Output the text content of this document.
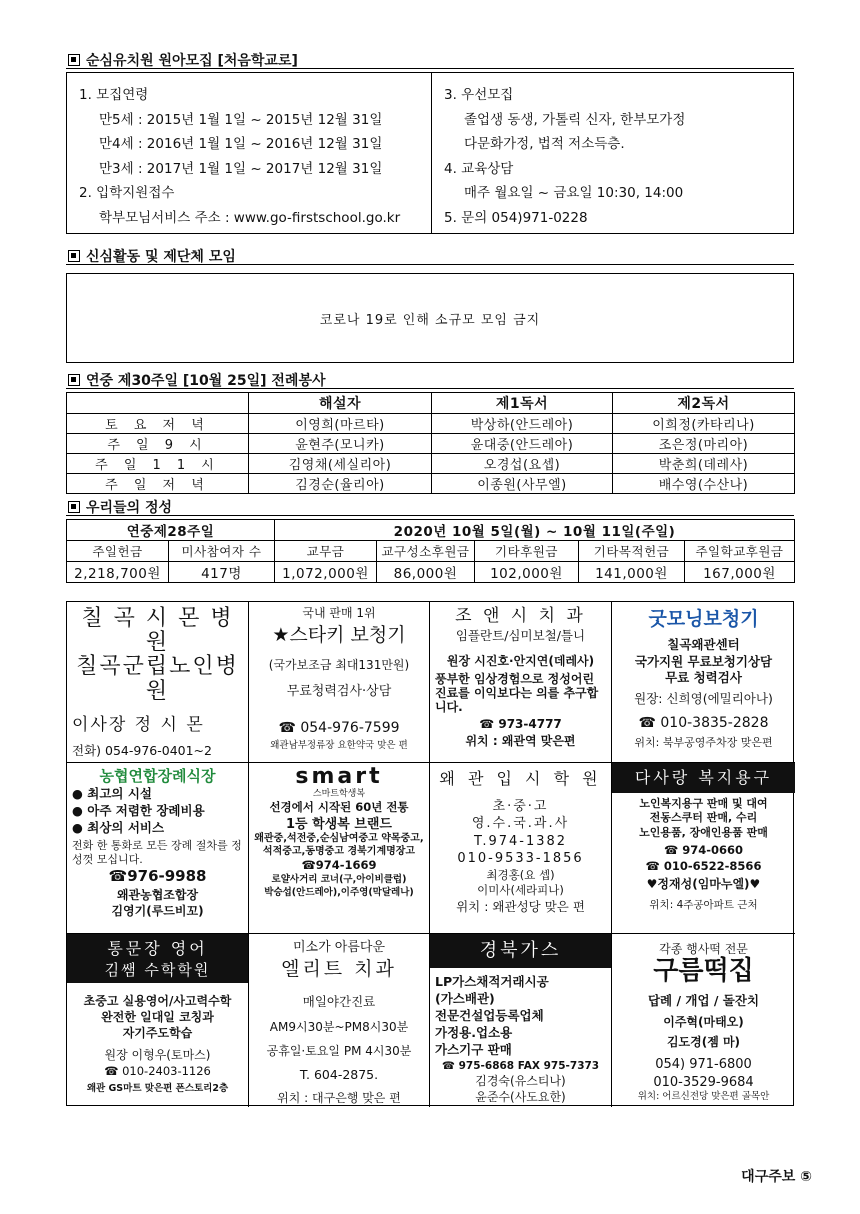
순심유치원 원아모집 [처음학교로]
1. 모집연령
만5세 : 2015년 1월 1일 ~ 2015년 12월 31일
만4세 : 2016년 1월 1일 ~ 2016년 12월 31일
만3세 : 2017년 1월 1일 ~ 2017년 12월 31일
2. 입학지원접수
학부모님서비스 주소 : www.go-firstschool.go.kr
3. 우선모집
졸업생 동생, 가톨릭 신자, 한부모가정
다문화가정, 법적 저소득층.
4. 교육상담
매주 월요일 ~ 금요일 10:30, 14:00
5. 문의 054)971-0228
신심활동 및 제단체 모임
코로나 19로 인해 소규모 모임 금지
연중 제30주일 [10월 25일] 전례봉사
	해설자	제1독서	제2독서
토 요 저 녁	이영희(마르타)	박상하(안드레아)	이희정(카타리나)
주 일 9 시	윤현주(모니카)	윤대중(안드레아)	조은정(마리아)
주 일 1 1 시	김영채(세실리아)	오경섭(요셉)	박춘희(데레사)
주 일 저 녁	김경순(율리아)	이종원(사무엘)	배수영(수산나)
우리들의 정성
연중제28주일		2020년 10월 5일(월) ~ 10월 11일(주일)				
주일헌금	미사참여자 수	교무금	교구성소후원금	기타후원금	기타목적헌금	주일학교후원금
2,218,700원	417명	1,072,000원	86,000원	102,000원	141,000원	167,000원
칠 곡 시 몬 병 원
칠곡군립노인병원
이사장 정 시 몬
전화) 054-976-0401~2
국내 판매 1위
★스타키 보청기
(국가보조금 최대131만원)
무료청력검사·상담
☎ 054-976-7599
왜관남부정류장 요한약국 맞은 편
조 앤 시 치 과
임플란트/심미보철/틀니
원장 시진호·안지연(데레사)
풍부한 임상경험으로 정성어린 진료를 이익보다는 의를 추구합니다.
☎ 973-4777
위치 : 왜관역 맞은편
굿모닝보청기
칠곡왜관센터
국가지원 무료보청기상담
무료 청력검사
원장: 신희영(에밀리아나)
☎ 010-3835-2828
위치: 북부공영주차장 맞은편
농협연합장례식장
● 최고의 시설
● 아주 저렴한 장례비용
● 최상의 서비스
전화 한 통화로 모든 장례 절차를 정성껏 모십니다.
☎976-9988
왜관농협조합장
김영기(루드비꼬)
smart
스마트학생복
선경에서 시작된 60년 전통
1등 학생복 브랜드
왜관중,석전중,순심남여중고 약목중고,석적중고,동명중고 경북기계명장고
☎974-1669
로얄사거리 코너(구,아이비클럽)
박승섭(안드레아),이주영(막달레나)
왜 관 입 시 학 원
초·중·고
영.수.국.과.사
T.974-1382
010-9533-1856
최경홍(요 셉)
이미사(세라피나)
위치 : 왜관성당 맞은 편
다사랑 복지용구
노인복지용구 판매 및 대여
전동스쿠터 판매, 수리
노인용품, 장애인용품 판매
☎ 974-0660
☎ 010-6522-8566
♥정재성(임마누엘)♥
위치: 4주공아파트 근처
통문장 영어
김쌤 수학학원
초중고 실용영어/사고력수학
완전한 일대일 코칭과
자기주도학습
원장 이형우(토마스)
☎ 010-2403-1126
왜관 GS마트 맞은편 폰스토리2층
미소가 아름다운
엘리트 치과
매일야간진료
AM9시30분~PM8시30분
공휴일·토요일 PM 4시30분
T. 604-2875.
위치 : 대구은행 맞은 편
경북가스
LP가스채적거래시공
(가스배관)
전문건설업등록업체
가정용.업소용
가스기구 판매
☎ 975-6868 FAX 975-7373
김경숙(유스티나)
윤준수(사도요한)
각종 행사떡 전문
구름떡집
답례 / 개업 / 돌잔치
이주혁(마태오)
김도경(젬 마)
054) 971-6800
010-3529-9684
위치: 어르신전당 맞은편 골목안
대구주보 ⑤
